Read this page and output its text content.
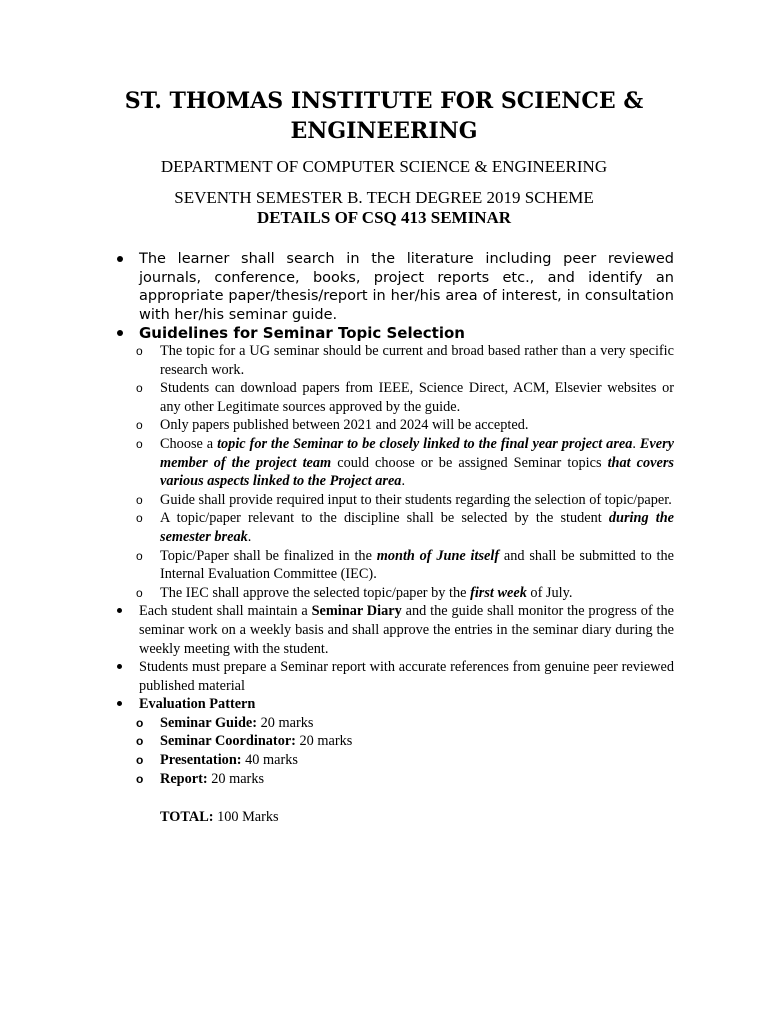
ST. THOMAS INSTITUTE FOR SCIENCE & ENGINEERING

DEPARTMENT OF COMPUTER SCIENCE & ENGINEERING

SEVENTH SEMESTER B. TECH DEGREE 2019 SCHEME

DETAILS OF CSQ 413 SEMINAR

The learner shall search in the literature including peer reviewed journals, conference, books, project reports etc., and identify an appropriate paper/thesis/report in her/his area of interest, in consultation with her/his seminar guide.
Guidelines for Seminar Topic Selection
o The topic for a UG seminar should be current and broad based rather than a very specific research work.
o Students can download papers from IEEE, Science Direct, ACM, Elsevier websites or any other Legitimate sources approved by the guide.
o Only papers published between 2021 and 2024 will be accepted.
o Choose a topic for the Seminar to be closely linked to the final year project area. Every member of the project team could choose or be assigned Seminar topics that covers various aspects linked to the Project area.
o Guide shall provide required input to their students regarding the selection of topic/paper.
o A topic/paper relevant to the discipline shall be selected by the student during the semester break.
o Topic/Paper shall be finalized in the month of June itself and shall be submitted to the Internal Evaluation Committee (IEC).
o The IEC shall approve the selected topic/paper by the first week of July.
Each student shall maintain a Seminar Diary and the guide shall monitor the progress of the seminar work on a weekly basis and shall approve the entries in the seminar diary during the weekly meeting with the student.
Students must prepare a Seminar report with accurate references from genuine peer reviewed published material
Evaluation Pattern
o Seminar Guide: 20 marks
o Seminar Coordinator: 20 marks
o Presentation: 40 marks
o Report: 20 marks

TOTAL: 100 Marks
